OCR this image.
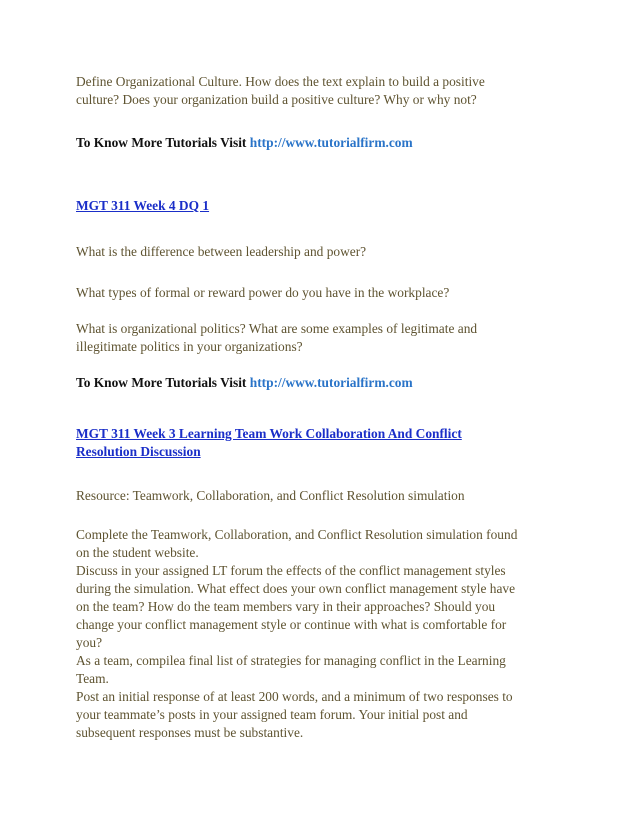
Define Organizational Culture. How does the text explain to build a positive
culture? Does your organization build a positive culture? Why or why not?
To Know More Tutorials Visit http://www.tutorialfirm.com
MGT 311 Week 4 DQ 1
What is the difference between leadership and power?
What types of formal or reward power do you have in the workplace?
What is organizational politics? What are some examples of legitimate and
illegitimate politics in your organizations?
To Know More Tutorials Visit http://www.tutorialfirm.com
MGT 311 Week 3 Learning Team Work Collaboration And Conflict
Resolution Discussion
Resource: Teamwork, Collaboration, and Conflict Resolution simulation
Complete the Teamwork, Collaboration, and Conflict Resolution simulation found
on the student website.
Discuss in your assigned LT forum the effects of the conflict management styles
during the simulation. What effect does your own conflict management style have
on the team? How do the team members vary in their approaches? Should you
change your conflict management style or continue with what is comfortable for
you?
As a team, compilea final list of strategies for managing conflict in the Learning
Team.
Post an initial response of at least 200 words, and a minimum of two responses to
your teammate’s posts in your assigned team forum. Your initial post and
subsequent responses must be substantive.
